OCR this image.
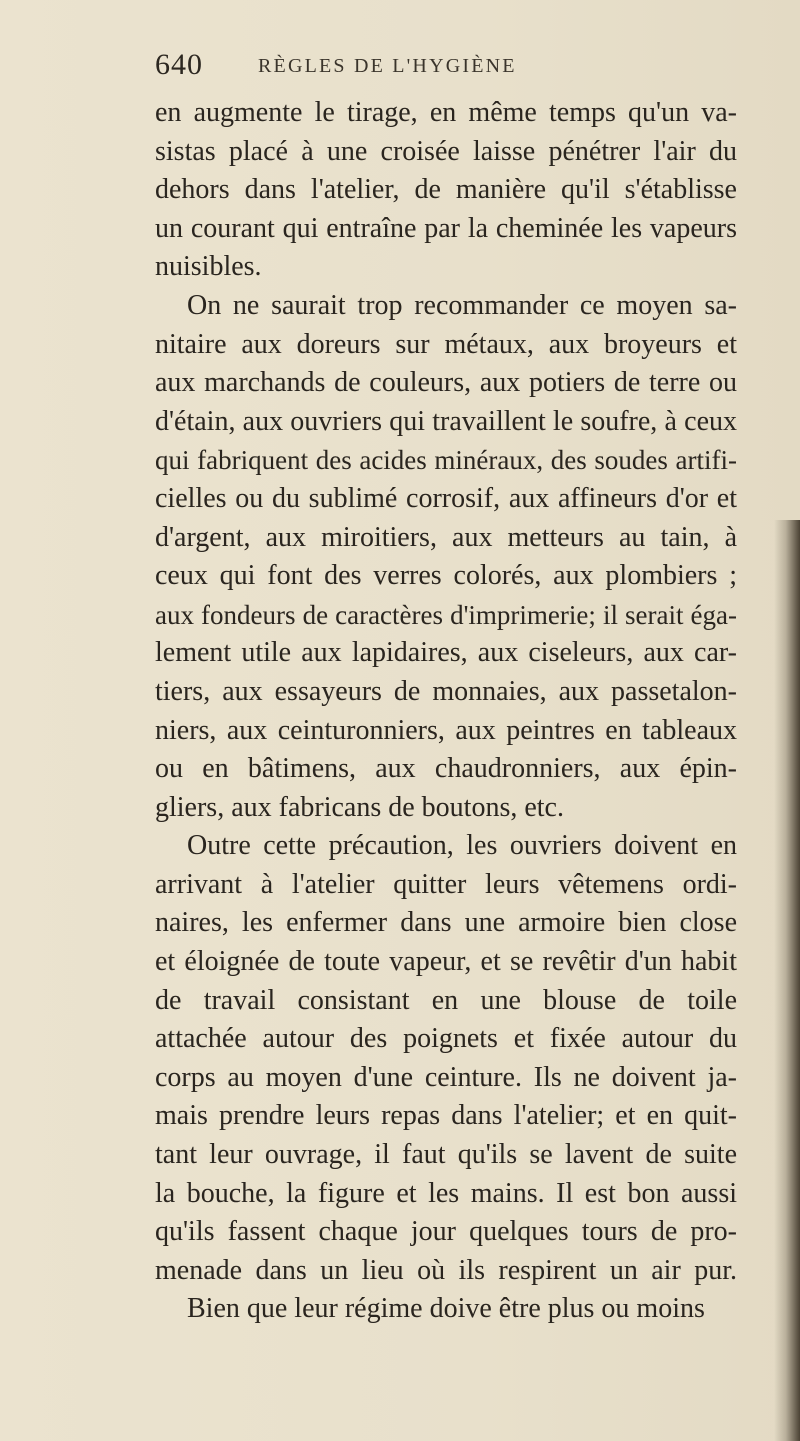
640	RÈGLES DE L'HYGIÈNE
en augmente le tirage, en même temps qu'un va-
sistas placé à une croisée laisse pénétrer l'air du
dehors dans l'atelier, de manière qu'il s'établisse
un courant qui entraîne par la cheminée les vapeurs
nuisibles.
On ne saurait trop recommander ce moyen sa-
nitaire aux doreurs sur métaux, aux broyeurs et
aux marchands de couleurs, aux potiers de terre ou
d'étain, aux ouvriers qui travaillent le soufre, à ceux
qui fabriquent des acides minéraux, des soudes artifi-
cielles ou du sublimé corrosif, aux affineurs d'or et
d'argent, aux miroitiers, aux metteurs au tain, à
ceux qui font des verres colorés, aux plombiers ;
aux fondeurs de caractères d'imprimerie; il serait éga-
lement utile aux lapidaires, aux ciseleurs, aux car-
tiers, aux essayeurs de monnaies, aux passetalon-
niers, aux ceinturonniers, aux peintres en tableaux
ou en bâtimens, aux chaudronniers, aux épin-
gliers, aux fabricans de boutons, etc.
Outre cette précaution, les ouvriers doivent en
arrivant à l'atelier quitter leurs vêtemens ordi-
naires, les enfermer dans une armoire bien close
et éloignée de toute vapeur, et se revêtir d'un habit
de travail consistant en une blouse de toile
attachée autour des poignets et fixée autour du
corps au moyen d'une ceinture. Ils ne doivent ja-
mais prendre leurs repas dans l'atelier; et en quit-
tant leur ouvrage, il faut qu'ils se lavent de suite
la bouche, la figure et les mains. Il est bon aussi
qu'ils fassent chaque jour quelques tours de pro-
menade dans un lieu où ils respirent un air pur.
Bien que leur régime doive être plus ou moins
